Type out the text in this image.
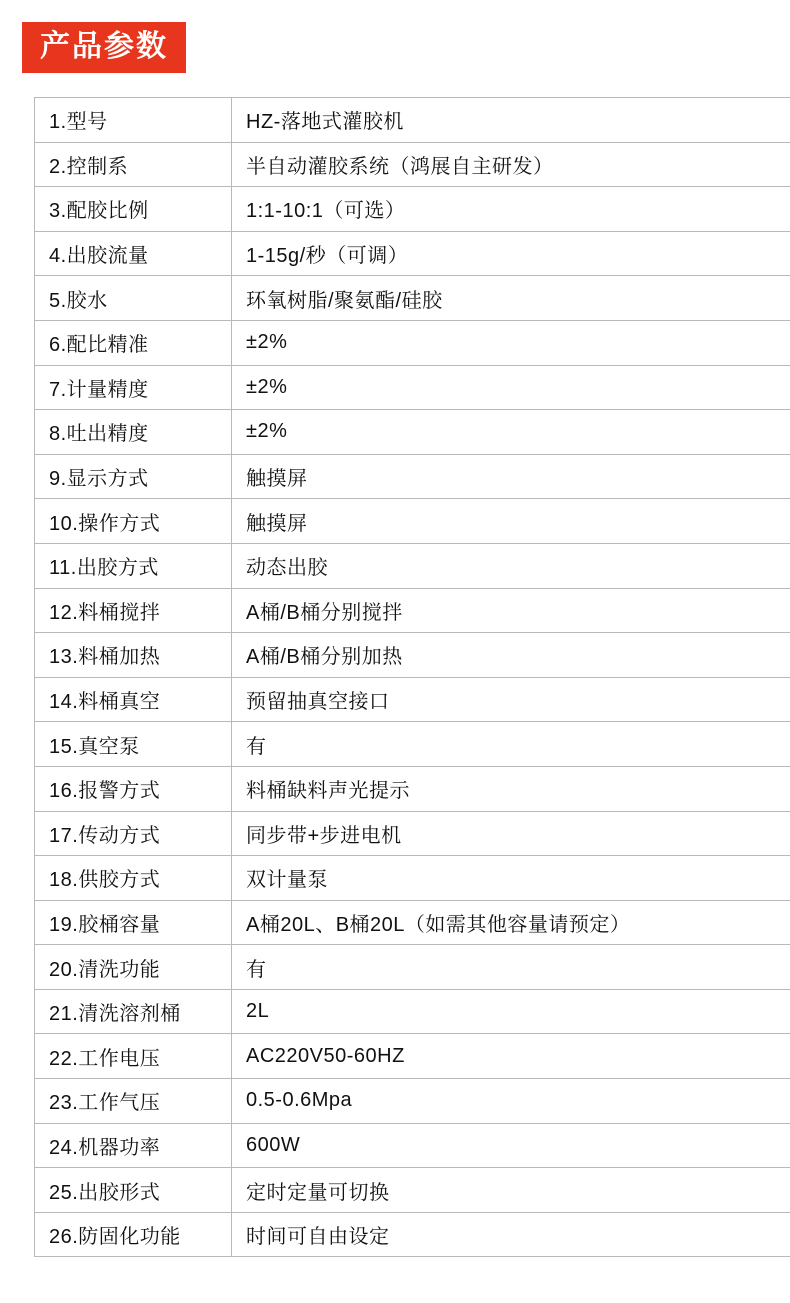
产品参数
1.型号	HZ-落地式灌胶机
2.控制系	半自动灌胶系统（鸿展自主研发）
3.配胶比例	1:1-10:1（可选）
4.出胶流量	1-15g/秒（可调）
5.胶水	环氧树脂/聚氨酯/硅胶
6.配比精准	±2%
7.计量精度	±2%
8.吐出精度	±2%
9.显示方式	触摸屏
10.操作方式	触摸屏
11.出胶方式	动态出胶
12.料桶搅拌	A桶/B桶分别搅拌
13.料桶加热	A桶/B桶分别加热
14.料桶真空	预留抽真空接口
15.真空泵	有
16.报警方式	料桶缺料声光提示
17.传动方式	同步带+步进电机
18.供胶方式	双计量泵
19.胶桶容量	A桶20L、B桶20L（如需其他容量请预定）
20.清洗功能	有
21.清洗溶剂桶	2L
22.工作电压	AC220V50-60HZ
23.工作气压	0.5-0.6Mpa
24.机器功率	600W
25.出胶形式	定时定量可切换
26.防固化功能	时间可自由设定
